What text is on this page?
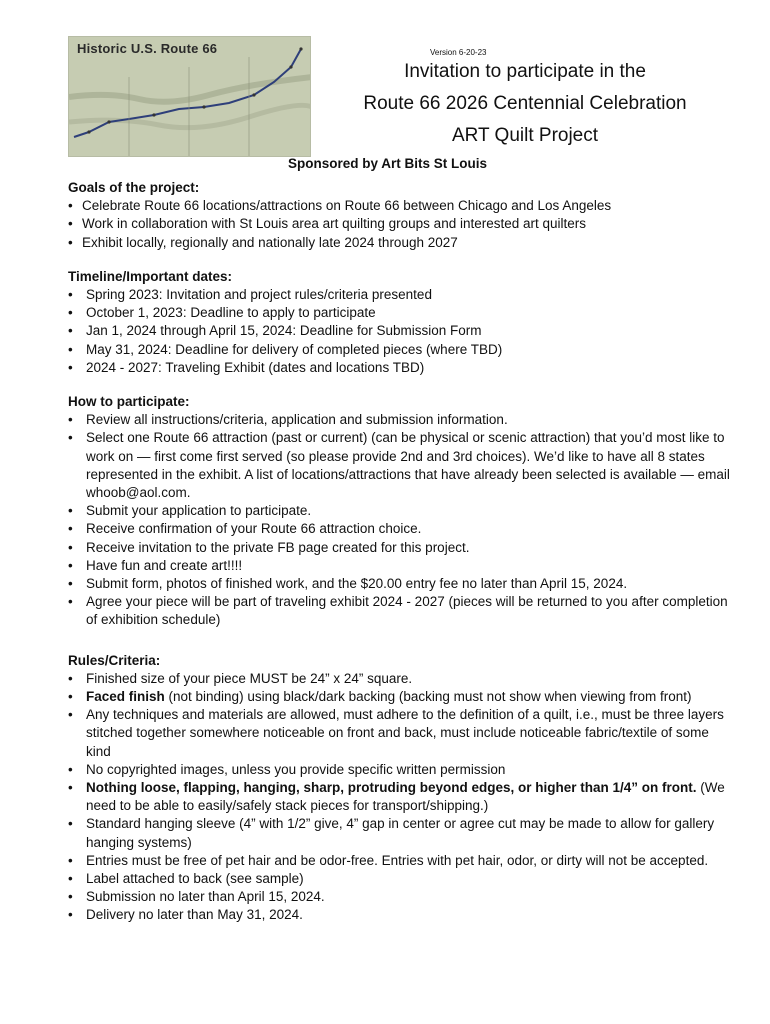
Historic U.S. Route 66	Version 6-20-23
Invitation to participate in the
Route 66 2026 Centennial Celebration
ART Quilt Project
Sponsored by Art Bits St Louis
Goals of the project:
• Celebrate Route 66 locations/attractions on Route 66 between Chicago and Los Angeles
• Work in collaboration with St Louis area art quilting groups and interested art quilters
• Exhibit locally, regionally and nationally late 2024 through 2027
Timeline/Important dates:
• Spring 2023: Invitation and project rules/criteria presented
• October 1, 2023: Deadline to apply to participate
• Jan 1, 2024 through April 15, 2024: Deadline for Submission Form
• May 31, 2024: Deadline for delivery of completed pieces (where TBD)
• 2024 - 2027: Traveling Exhibit (dates and locations TBD)
How to participate:
• Review all instructions/criteria, application and submission information.
• Select one Route 66 attraction (past or current) (can be physical or scenic attraction) that you’d most like to work on — first come first served (so please provide 2nd and 3rd choices). We’d like to have all 8 states represented in the exhibit. A list of locations/attractions that have already been selected is available — email whoob@aol.com.
• Submit your application to participate.
• Receive confirmation of your Route 66 attraction choice.
• Receive invitation to the private FB page created for this project.
• Have fun and create art!!!!
• Submit form, photos of finished work, and the $20.00 entry fee no later than April 15, 2024.
• Agree your piece will be part of traveling exhibit 2024 - 2027 (pieces will be returned to you after completion of exhibition schedule)
Rules/Criteria:
• Finished size of your piece MUST be 24” x 24” square.
• Faced finish (not binding) using black/dark backing (backing must not show when viewing from front)
• Any techniques and materials are allowed, must adhere to the definition of a quilt, i.e., must be three layers stitched together somewhere noticeable on front and back, must include noticeable fabric/textile of some kind
• No copyrighted images, unless you provide specific written permission
• Nothing loose, flapping, hanging, sharp, protruding beyond edges, or higher than 1/4” on front. (We need to be able to easily/safely stack pieces for transport/shipping.)
• Standard hanging sleeve (4” with 1/2” give, 4” gap in center or agree cut may be made to allow for gallery hanging systems)
• Entries must be free of pet hair and be odor-free. Entries with pet hair, odor, or dirty will not be accepted.
• Label attached to back (see sample)
• Submission no later than April 15, 2024.
• Delivery no later than May 31, 2024.
